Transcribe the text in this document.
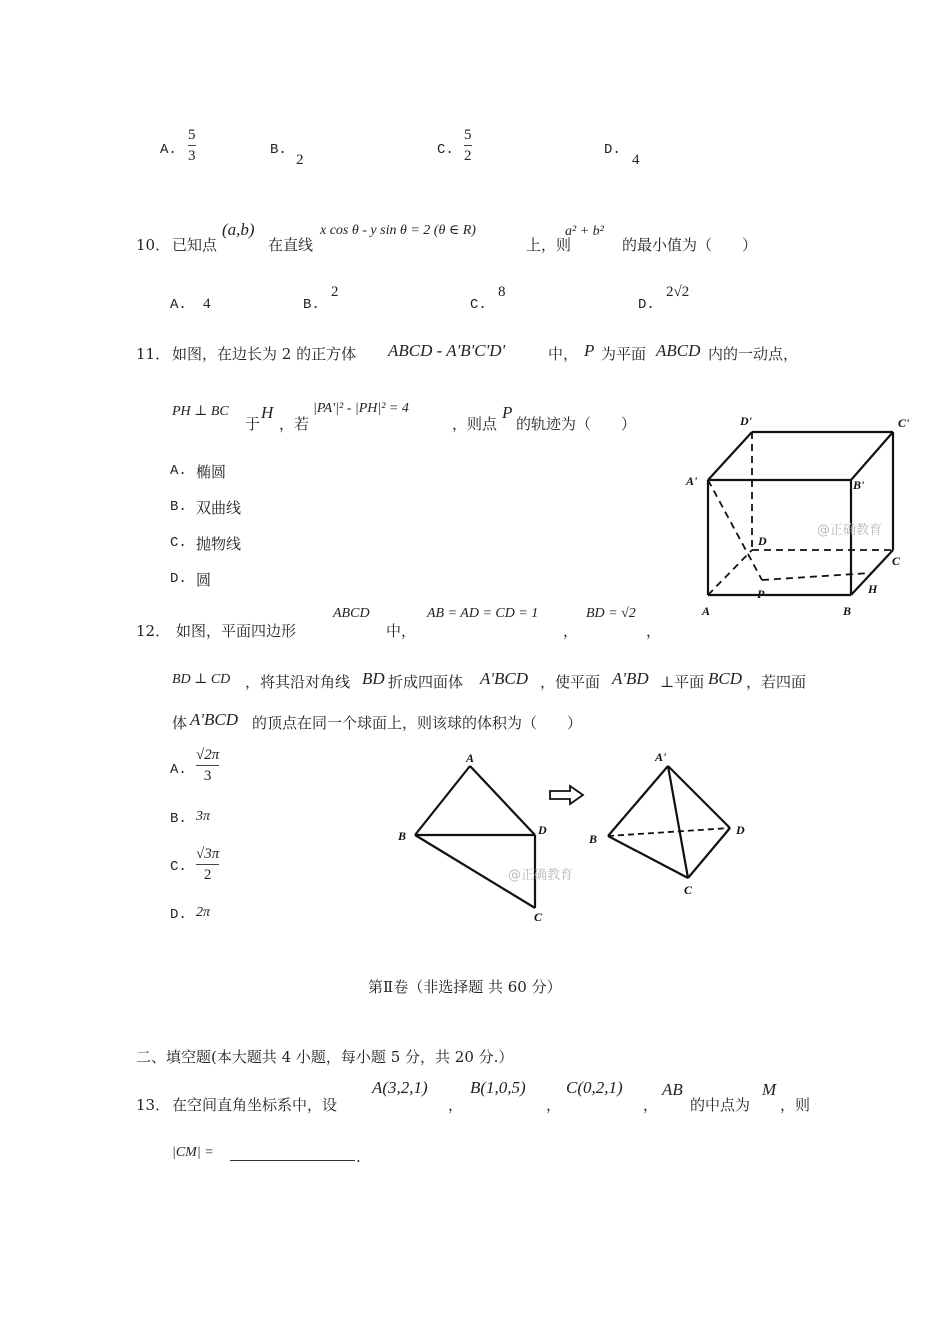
A.
5
3	B.
2
C.
5
2	D.
4
10． 已知点
(a,b)
在直线
x cos θ - y sin θ = 2 (θ ∈ R)
上，则
a² + b²
的最小值为（　　）
A. 4	B.
2
C.
8
D.
2√2
11． 如图，在边长为 2 的正方体 ABCD - A'B'C'D'	中， P 为平面 ABCD 内的一动点，
PH ⊥ BC
于
H
，若
|PA'|² - |PH|² = 4
，则点
P
的轨迹为（　　）
A. 椭圆
B. 双曲线
C. 抛物线
D. 圆
D'	C'
A'	B'
D
C
A
P
B
H
@正确教育
12． 如图，平面四边形
ABCD
中，
AB = AD = CD = 1
，
BD = √2
，
BD ⊥ CD ，将其沿对角线 BD 折成四面体 A'BCD ，使平面 A'BD ⊥平面 BCD ，若四面
体 A'BCD 的顶点在同一个球面上，则该球的体积为（　　）
A.
√2π
3
B. 3π
C.
√3π
2
D. 2π
A
B	D
C
A'
B
D
C
@正确教育
第Ⅱ卷（非选择题 共 60 分）
二、填空题(本大题共 4 小题，每小题 5 分，共 20 分.）
13． 在空间直角坐标系中，设
A(3,2,1)
，
B(1,0,5)
，
C(0,2,1)
，
AB
的中点为
M
，则
|CM| =	.
